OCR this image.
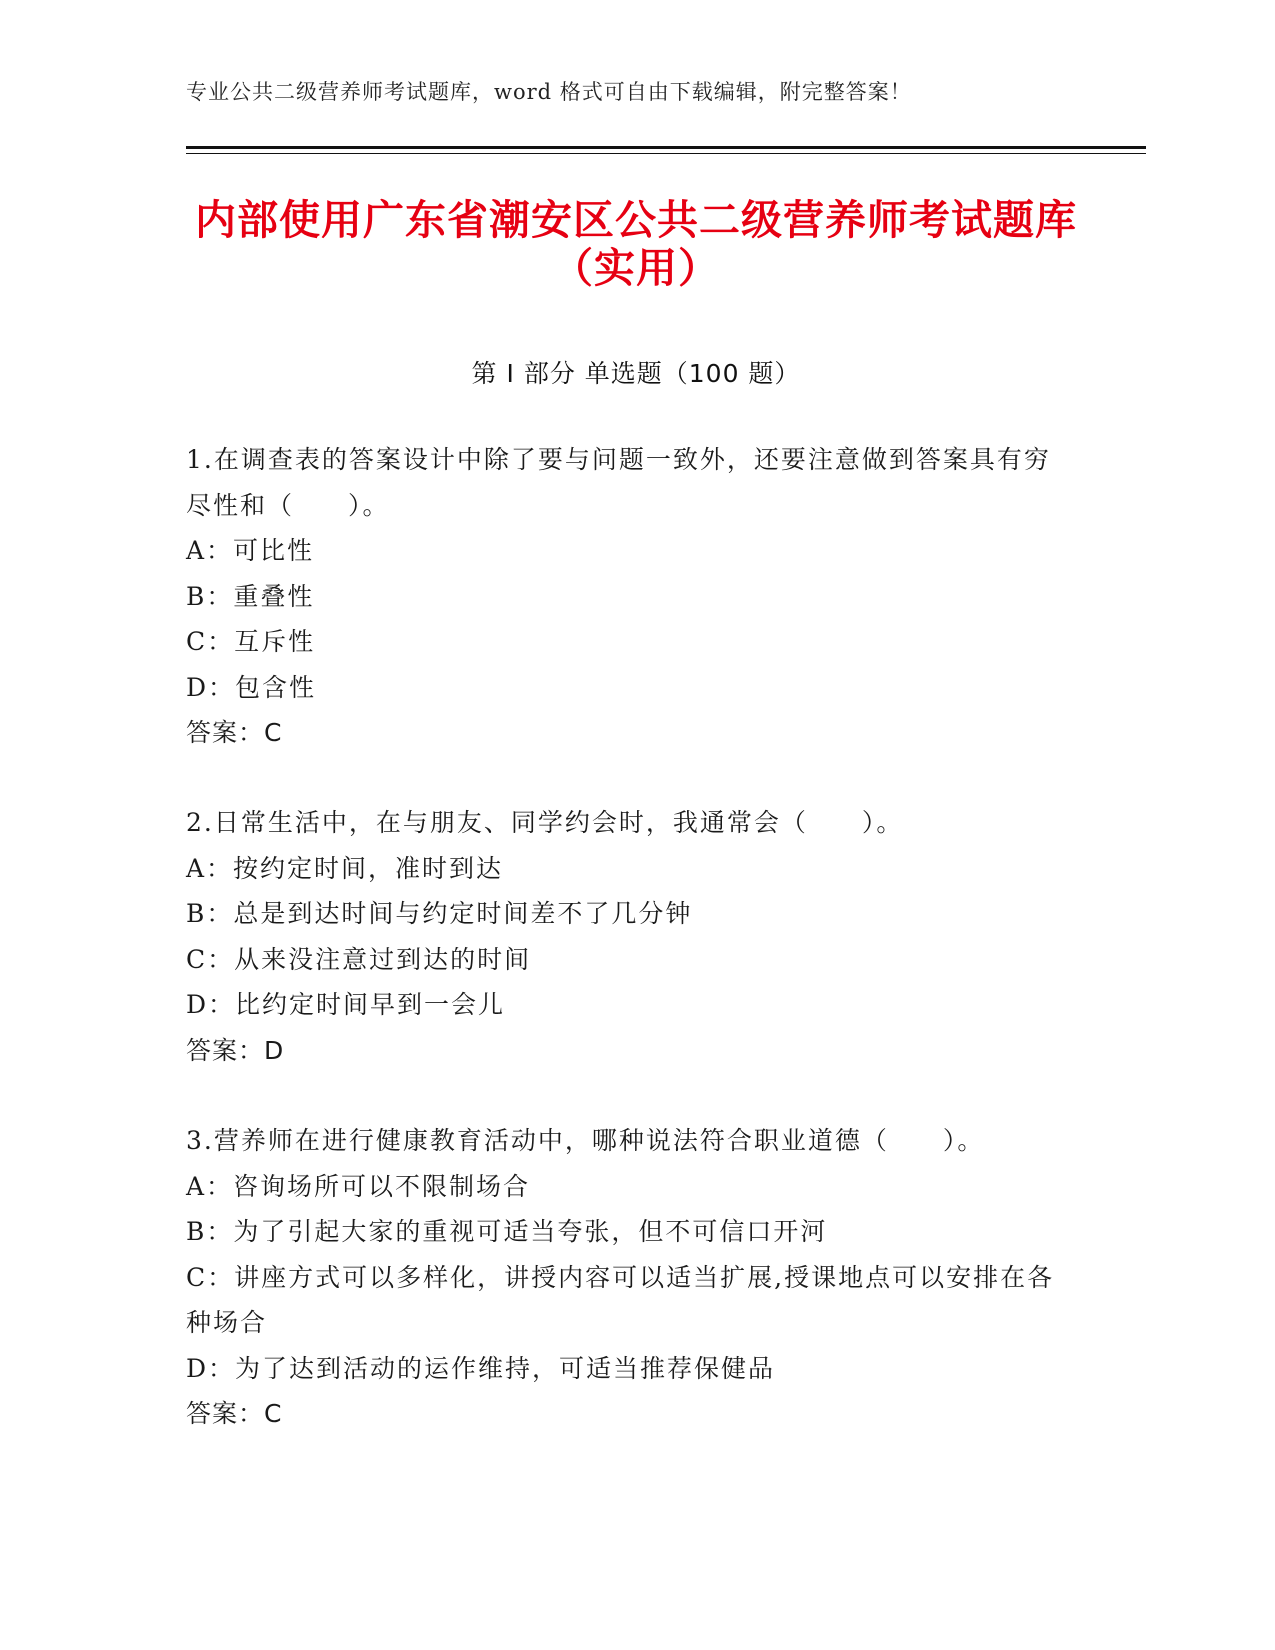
专业公共二级营养师考试题库，word 格式可自由下载编辑，附完整答案！
内部使用广东省潮安区公共二级营养师考试题库（实用）
第 I 部分 单选题（100 题）

1.在调查表的答案设计中除了要与问题一致外，还要注意做到答案具有穷尽性和（　　）。

A：可比性

B：重叠性

C：互斥性

D：包含性

答案：C

2.日常生活中，在与朋友、同学约会时，我通常会（　　）。

A：按约定时间，准时到达

B：总是到达时间与约定时间差不了几分钟

C：从来没注意过到达的时间

D：比约定时间早到一会儿

答案：D

3.营养师在进行健康教育活动中，哪种说法符合职业道德（　　）。

A：咨询场所可以不限制场合

B：为了引起大家的重视可适当夸张，但不可信口开河

C：讲座方式可以多样化，讲授内容可以适当扩展,授课地点可以安排在各种场合

D：为了达到活动的运作维持，可适当推荐保健品

答案：C
